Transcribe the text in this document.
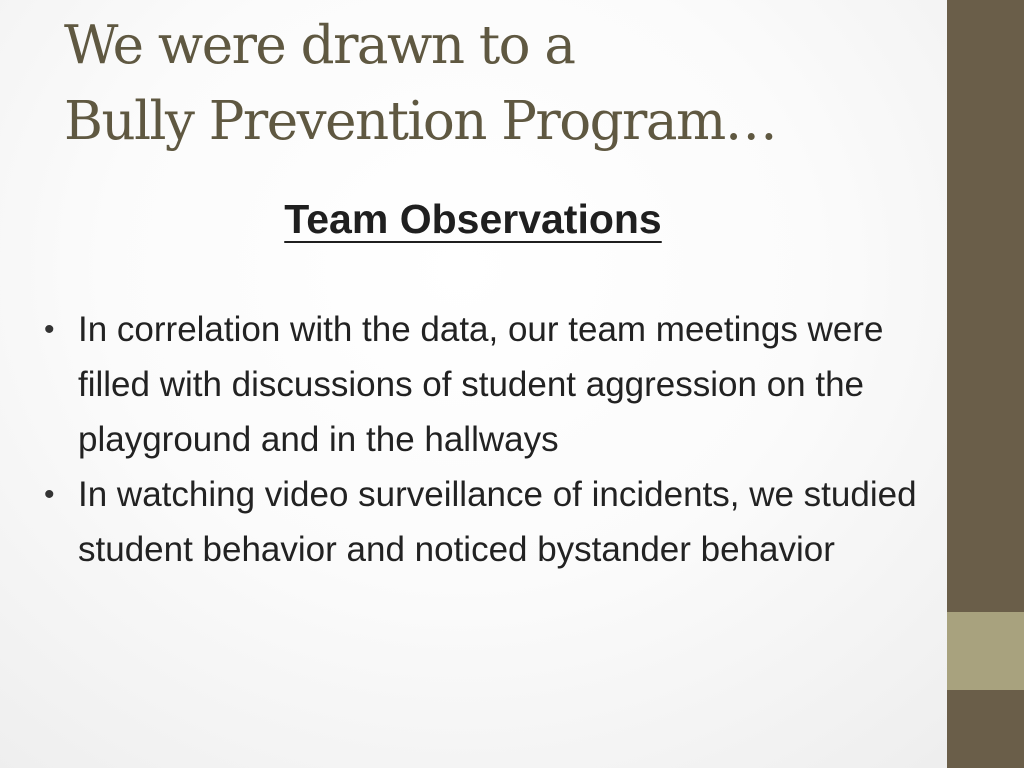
We were drawn to a
Bully Prevention Program…
Team Observations
• In correlation with the data, our team meetings were filled with discussions of student aggression on the playground and in the hallways
• In watching video surveillance of incidents, we studied student behavior and noticed bystander behavior
